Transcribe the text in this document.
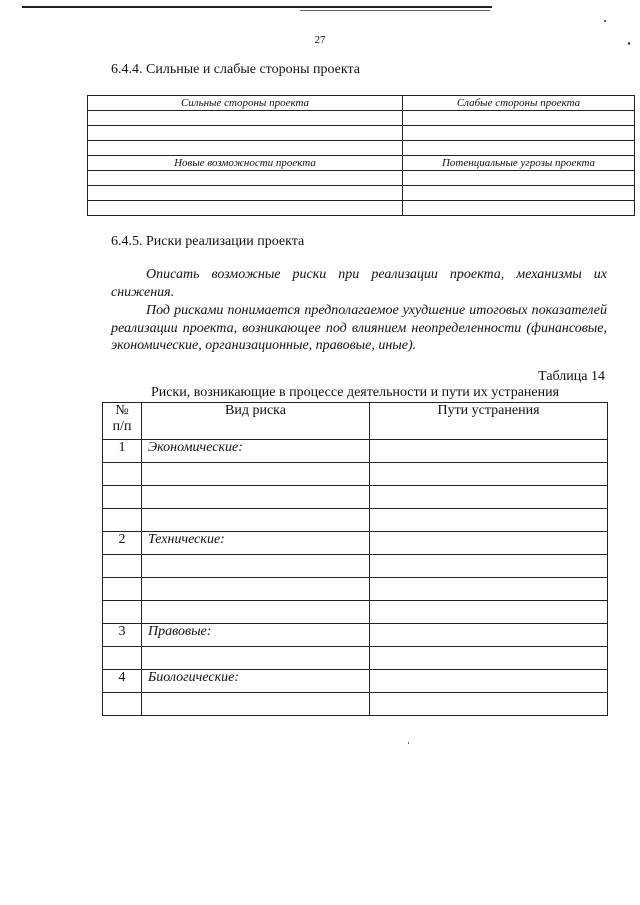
27
6.4.4. Сильные и слабые стороны проекта
Сильные стороны проекта	Слабые стороны проекта

Новые возможности проекта	Потенциальные угрозы проекта

6.4.5. Риски реализации проекта
Описать возможные риски при реализации проекта, механизмы их снижения.
Под рисками понимается предполагаемое ухудшение итоговых показателей реализации проекта, возникающее под влиянием неопределенности (финансовые, экономические, организационные, правовые, иные).
Таблица 14
Риски, возникающие в процессе деятельности и пути их устранения
№
п/п	Вид риска	Пути устранения
1	Экономические:	

2	Технические:	

3	Правовые:	

4	Биологические:	
